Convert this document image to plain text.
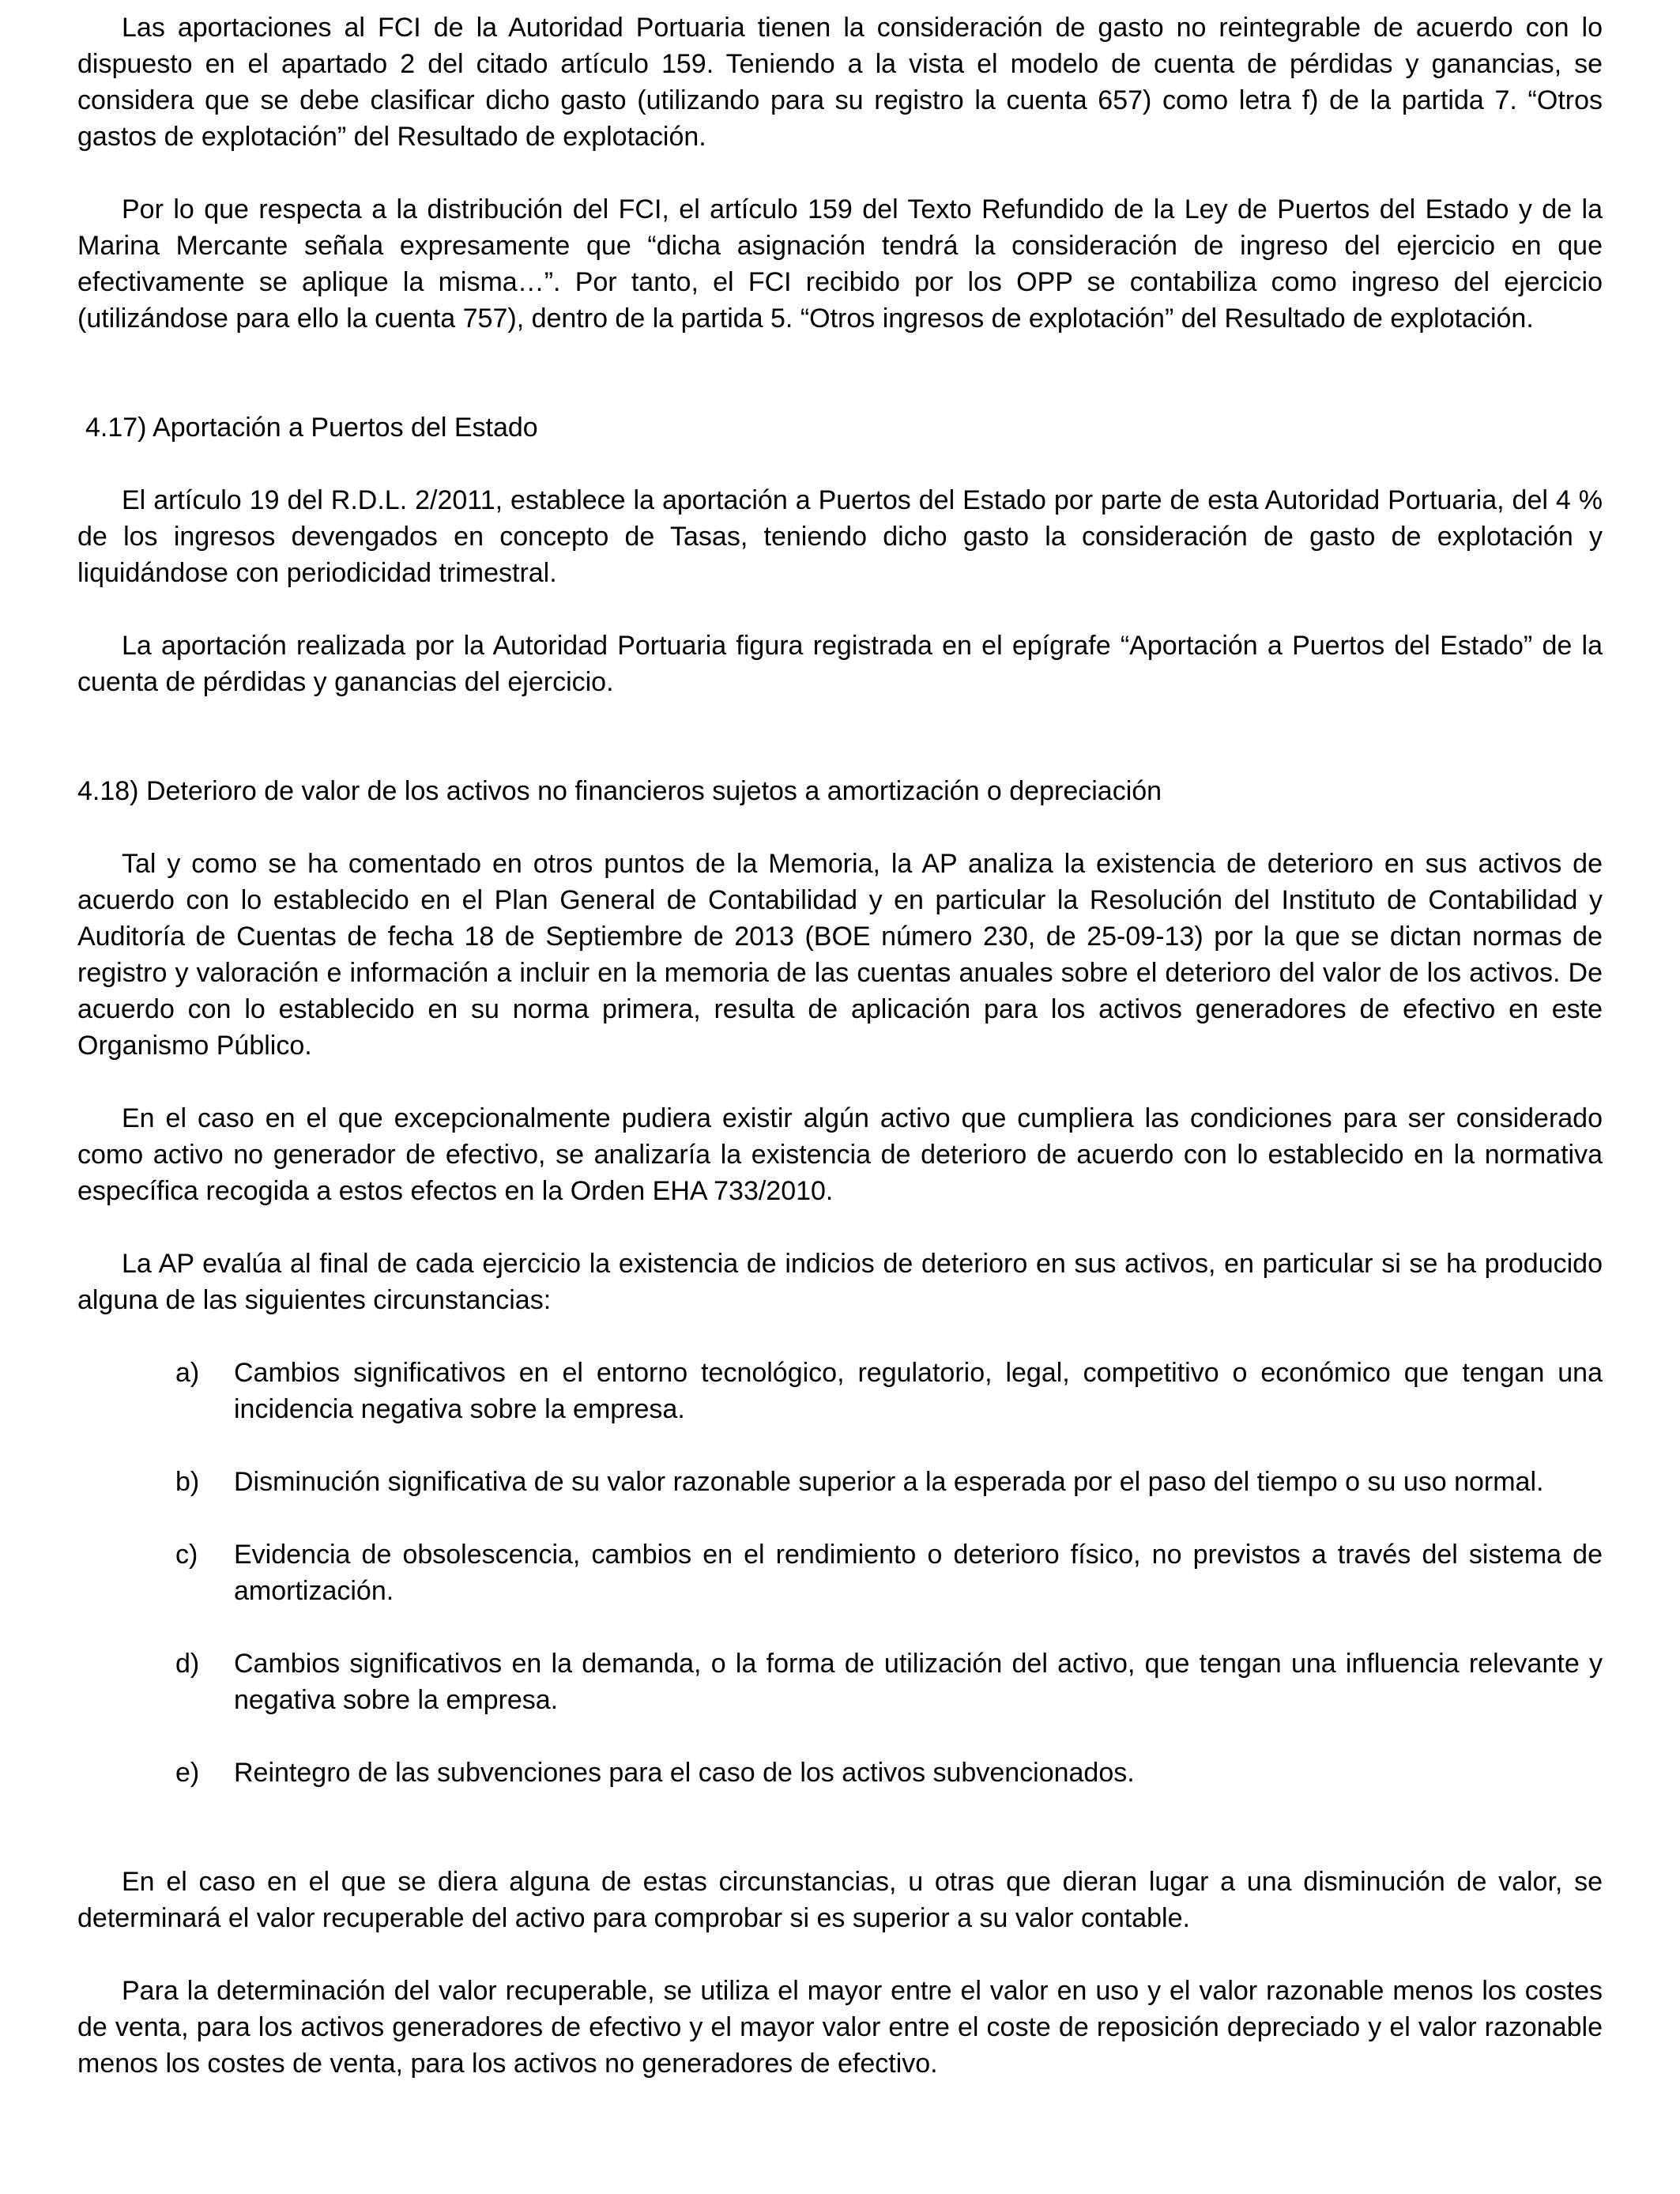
Las aportaciones al FCI de la Autoridad Portuaria tienen la consideración de gasto no reintegrable de acuerdo con lo dispuesto en el apartado 2 del citado artículo 159. Teniendo a la vista el modelo de cuenta de pérdidas y ganancias, se considera que se debe clasificar dicho gasto (utilizando para su registro la cuenta 657) como letra f) de la partida 7. “Otros gastos de explotación” del Resultado de explotación.

Por lo que respecta a la distribución del FCI, el artículo 159 del Texto Refundido de la Ley de Puertos del Estado y de la Marina Mercante señala expresamente que “dicha asignación tendrá la consideración de ingreso del ejercicio en que efectivamente se aplique la misma…”. Por tanto, el FCI recibido por los OPP se contabiliza como ingreso del ejercicio (utilizándose para ello la cuenta 757), dentro de la partida 5. “Otros ingresos de explotación” del Resultado de explotación.

4.17) Aportación a Puertos del Estado

El artículo 19 del R.D.L. 2/2011, establece la aportación a Puertos del Estado por parte de esta Autoridad Portuaria, del 4 % de los ingresos devengados en concepto de Tasas, teniendo dicho gasto la consideración de gasto de explotación y liquidándose con periodicidad trimestral.

La aportación realizada por la Autoridad Portuaria figura registrada en el epígrafe “Aportación a Puertos del Estado” de la cuenta de pérdidas y ganancias del ejercicio.

4.18) Deterioro de valor de los activos no financieros sujetos a amortización o depreciación

Tal y como se ha comentado en otros puntos de la Memoria, la AP analiza la existencia de deterioro en sus activos de acuerdo con lo establecido en el Plan General de Contabilidad y en particular la Resolución del Instituto de Contabilidad y Auditoría de Cuentas de fecha 18 de Septiembre de 2013 (BOE número 230, de 25-09-13) por la que se dictan normas de registro y valoración e información a incluir en la memoria de las cuentas anuales sobre el deterioro del valor de los activos. De acuerdo con lo establecido en su norma primera, resulta de aplicación para los activos generadores de efectivo en este Organismo Público.

En el caso en el que excepcionalmente pudiera existir algún activo que cumpliera las condiciones para ser considerado como activo no generador de efectivo, se analizaría la existencia de deterioro de acuerdo con lo establecido en la normativa específica recogida a estos efectos en la Orden EHA 733/2010.

La AP evalúa al final de cada ejercicio la existencia de indicios de deterioro en sus activos, en particular si se ha producido alguna de las siguientes circunstancias:

a)	Cambios significativos en el entorno tecnológico, regulatorio, legal, competitivo o económico que tengan una incidencia negativa sobre la empresa.
b)	Disminución significativa de su valor razonable superior a la esperada por el paso del tiempo o su uso normal.
c)	Evidencia de obsolescencia, cambios en el rendimiento o deterioro físico, no previstos a través del sistema de amortización.
d)	Cambios significativos en la demanda, o la forma de utilización del activo, que tengan una influencia relevante y negativa sobre la empresa.
e)	Reintegro de las subvenciones para el caso de los activos subvencionados.

En el caso en el que se diera alguna de estas circunstancias, u otras que dieran lugar a una disminución de valor, se determinará el valor recuperable del activo para comprobar si es superior a su valor contable.

Para la determinación del valor recuperable, se utiliza el mayor entre el valor en uso y el valor razonable menos los costes de venta, para los activos generadores de efectivo y el mayor valor entre el coste de reposición depreciado y el valor razonable menos los costes de venta, para los activos no generadores de efectivo.
